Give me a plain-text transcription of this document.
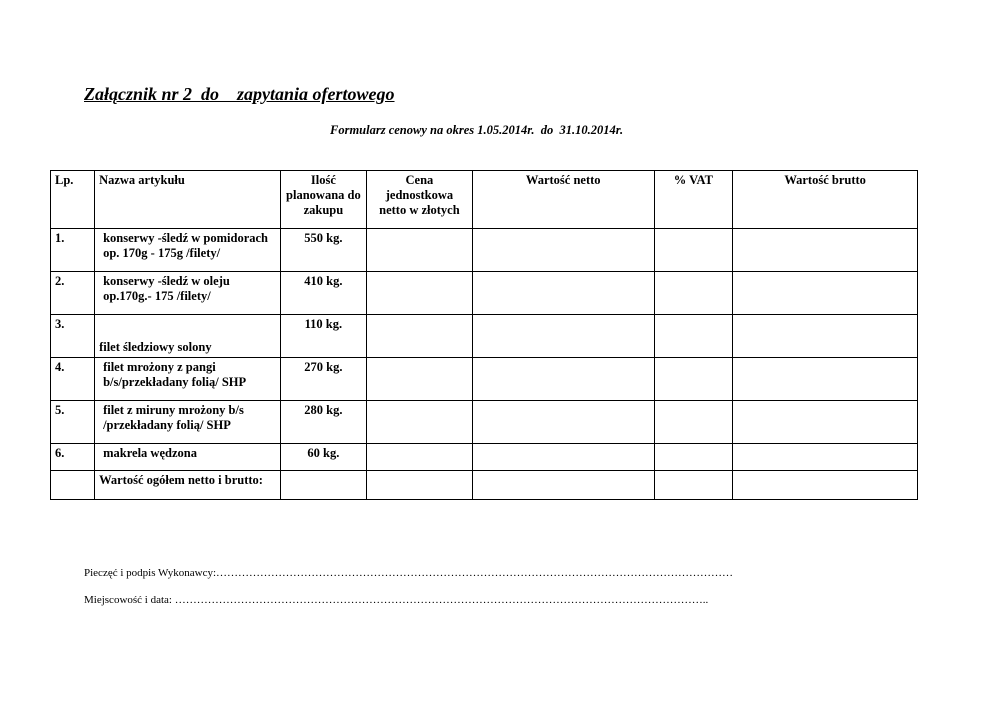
Załącznik nr 2  do    zapytania ofertowego
Formularz cenowy na okres 1.05.2014r.  do  31.10.2014r.
Lp.	Nazwa artykułu	Ilość planowana do zakupu	Cena jednostkowa netto w złotych	Wartość netto	% VAT	Wartość brutto
1.	konserwy -śledź w pomidorach op. 170g - 175g /filety/	550 kg.				
2.	konserwy -śledź w oleju op.170g.- 175 /filety/	410 kg.				
3.	filet śledziowy solony	110 kg.				
4.	filet mrożony z pangi b/s/przekładany folią/ SHP	270 kg.				
5.	filet z miruny mrożony b/s /przekładany folią/ SHP	280 kg.				
6.	makrela wędzona	60 kg.				
	Wartość ogółem netto i brutto:					
Pieczęć i podpis Wykonawcy:……………………………………………………………………………………………………………………………
Miejscowość i data: ………………………………………………………………………………………………………………………………..
